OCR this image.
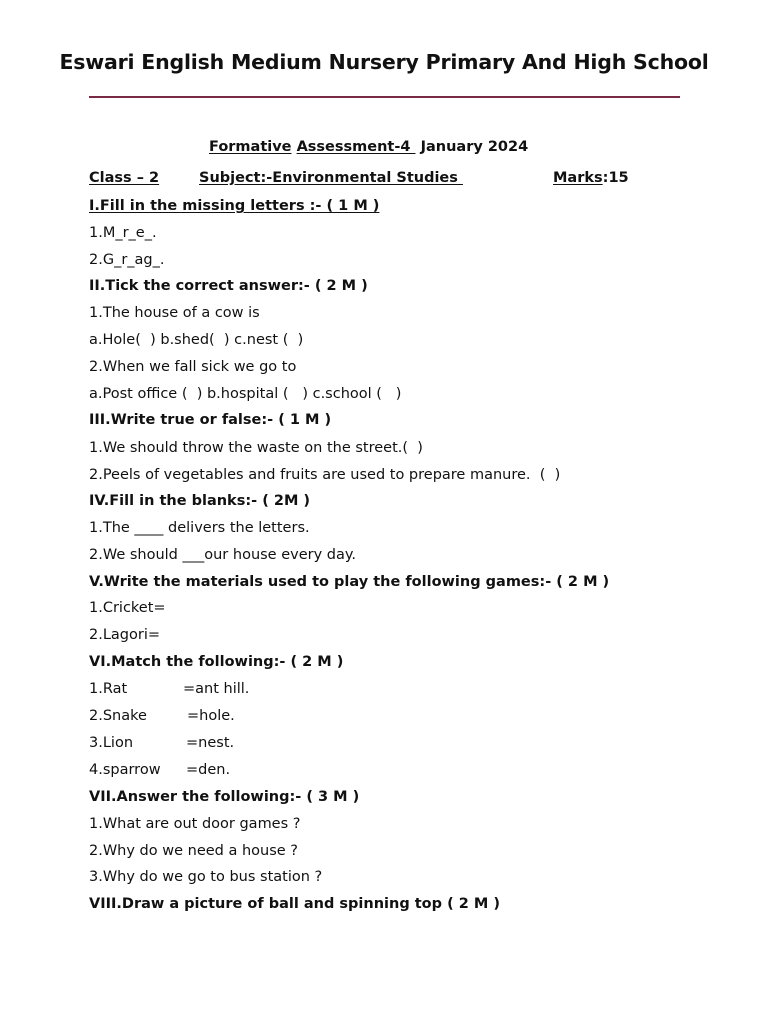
Eswari English Medium Nursery Primary And High School
Formative Assessment-4  January 2024
Class – 2	Subject:-Environmental Studies	Marks:15
I.Fill in the missing letters :- ( 1 M )
1.M_r_e_.
2.G_r_ag_.
II.Tick the correct answer:- ( 2 M )
1.The house of a cow is
a.Hole(  ) b.shed(  ) c.nest (  )
2.When we fall sick we go to
a.Post office (  ) b.hospital (   ) c.school (   )
III.Write true or false:- ( 1 M )
1.We should throw the waste on the street.(  )
2.Peels of vegetables and fruits are used to prepare manure.  (  )
IV.Fill in the blanks:- ( 2M )
1.The ____ delivers the letters.
2.We should ___our house every day.
V.Write the materials used to play the following games:- ( 2 M )
1.Cricket=
2.Lagori=
VI.Match the following:- ( 2 M )
1.Rat	=ant hill.
2.Snake	=hole.
3.Lion	=nest.
4.sparrow =den.
VII.Answer the following:- ( 3 M )
1.What are out door games ?
2.Why do we need a house ?
3.Why do we go to bus station ?
VIII.Draw a picture of ball and spinning top ( 2 M )
